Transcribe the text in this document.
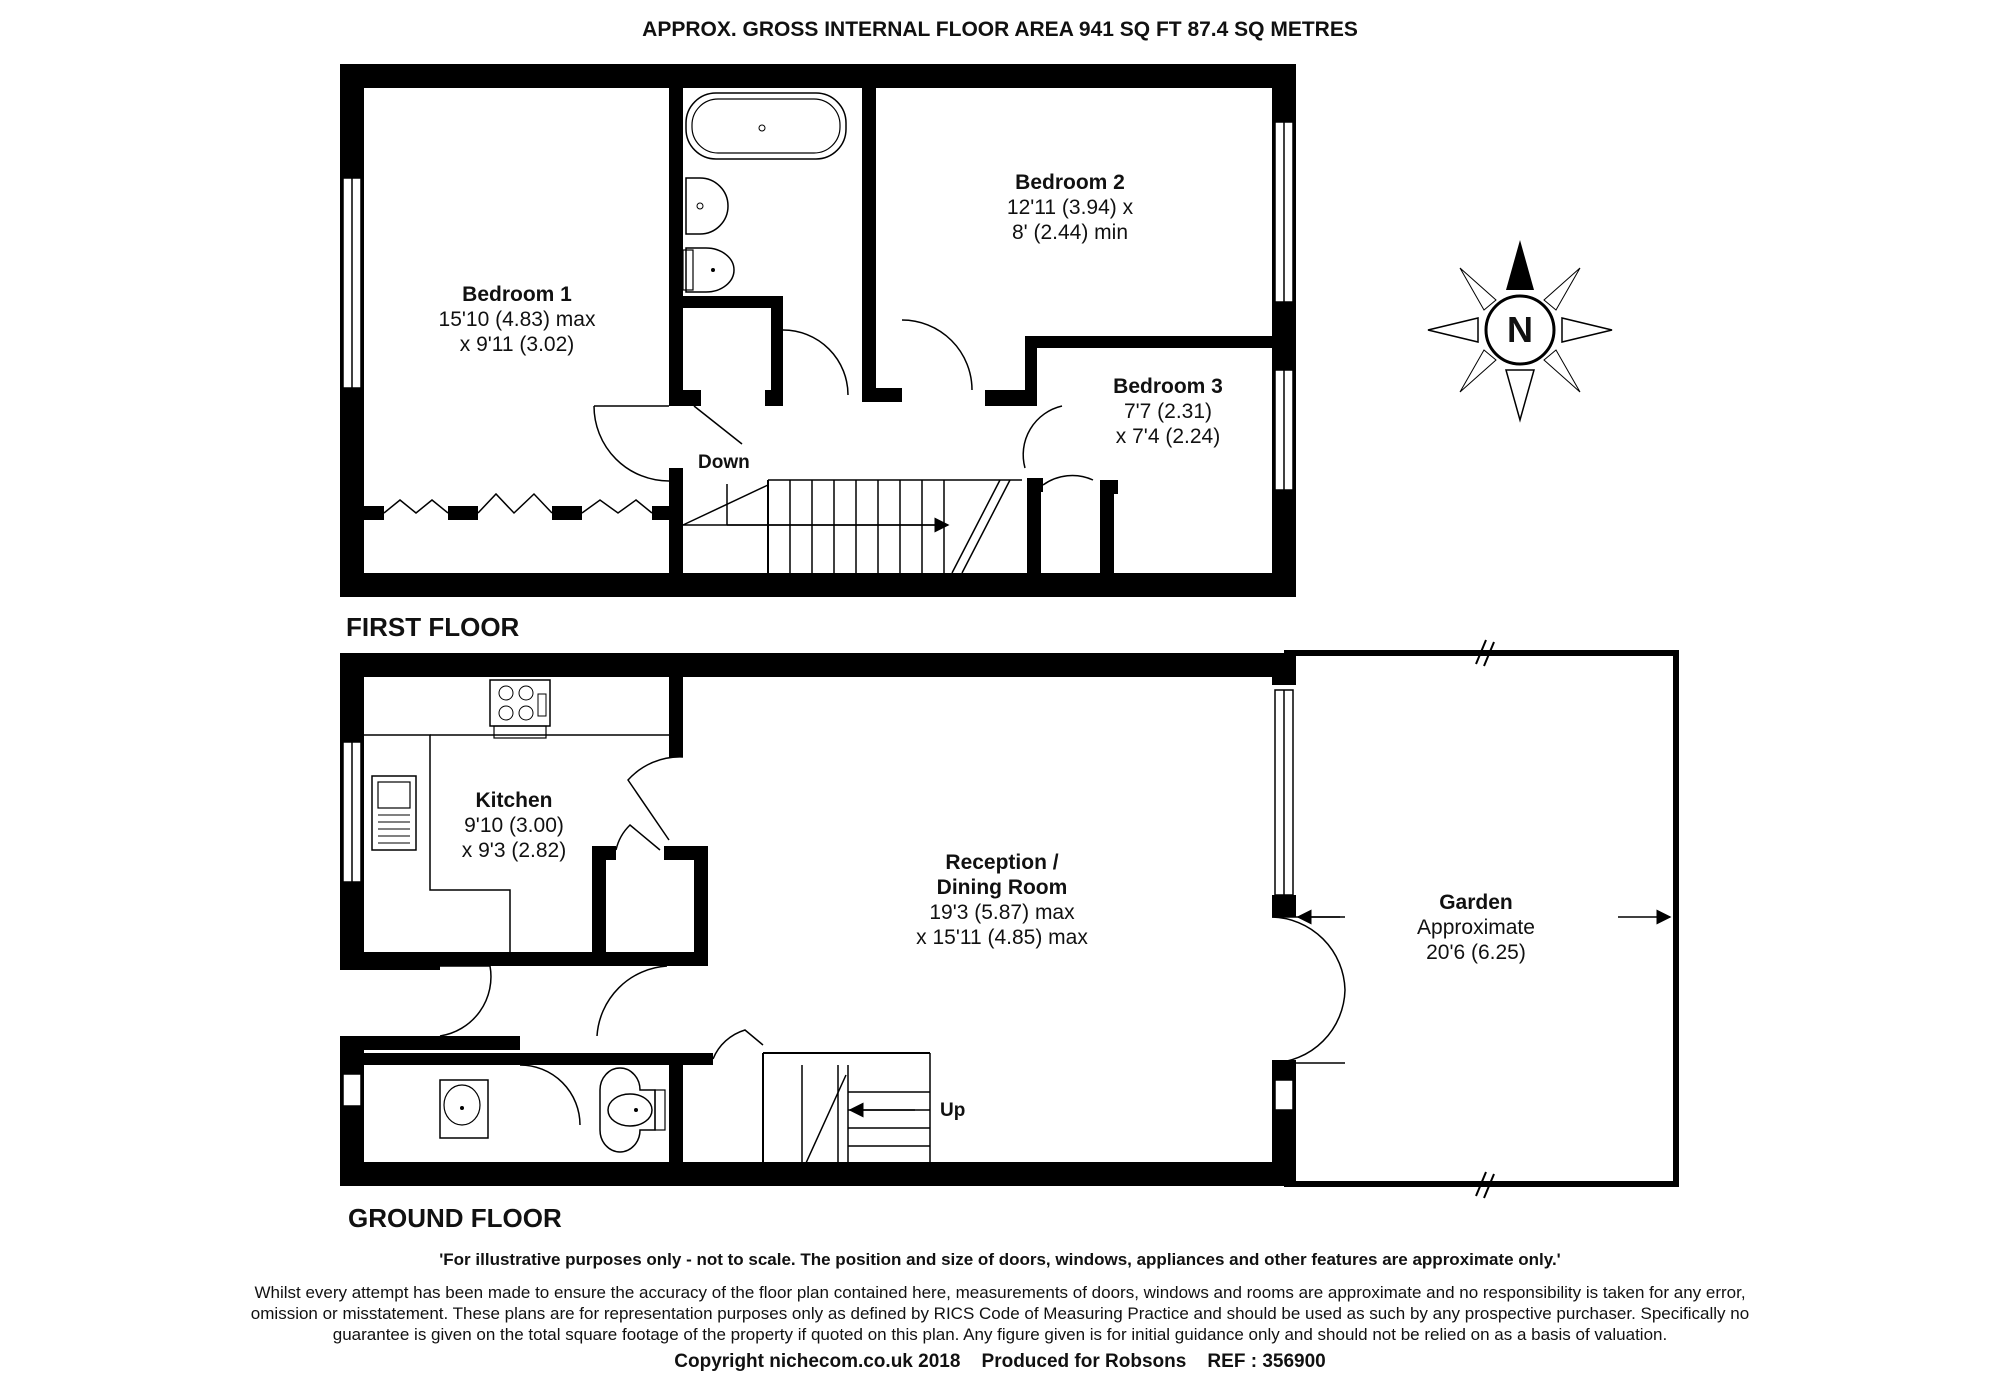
APPROX. GROSS INTERNAL FLOOR AREA 941 SQ FT 87.4 SQ METRES
FIRST FLOOR
GROUND FLOOR
Bedroom 1
15'10 (4.83) max
x 9'11 (3.02)
Bedroom 2
12'11 (3.94) x
8' (2.44) min
Bedroom 3
7'7 (2.31)
x 7'4 (2.24)
Down
Kitchen
9'10 (3.00)
x 9'3 (2.82)
Reception /
Dining Room
19'3 (5.87) max
x 15'11 (4.85) max
Garden
Approximate
20'6 (6.25)
Up
N
'For illustrative purposes only - not to scale. The position and size of doors, windows, appliances and other features are approximate only.'
Whilst every attempt has been made to ensure the accuracy of the floor plan contained here, measurements of doors, windows and rooms are approximate and no responsibility is taken for any error, omission or misstatement. These plans are for representation purposes only as defined by RICS Code of Measuring Practice and should be used as such by any prospective purchaser. Specifically no guarantee is given on the total square footage of the property if quoted on this plan. Any figure given is for initial guidance only and should not be relied on as a basis of valuation.
Copyright nichecom.co.uk 2018    Produced for Robsons    REF : 356900
